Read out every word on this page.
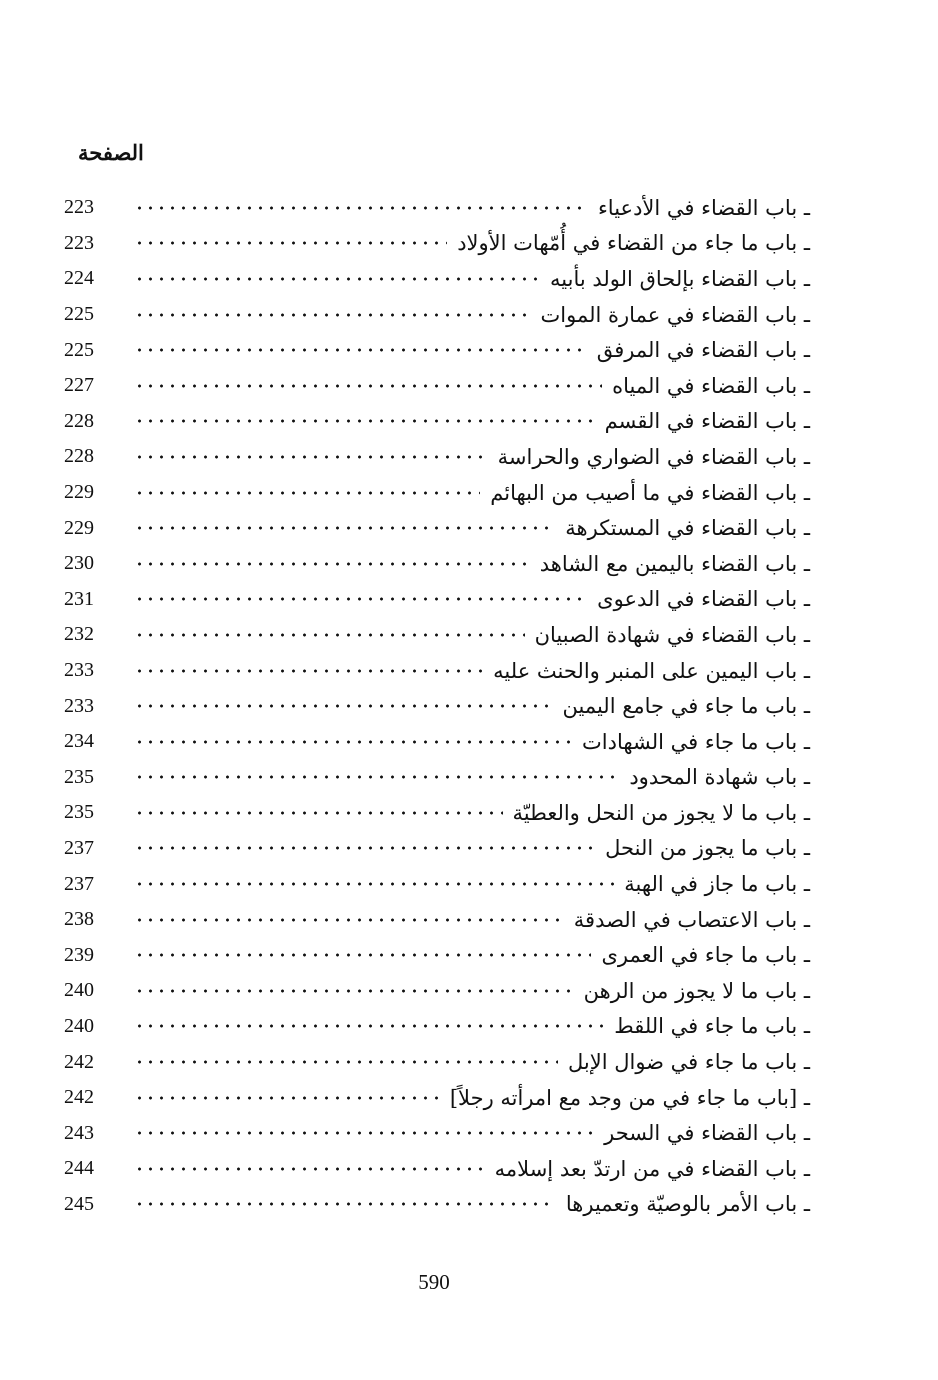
الصفحة
223	ـ باب القضاء في الأدعياء
223	ـ باب ما جاء من القضاء في أُمّهات الأولاد
224	ـ باب القضاء بإلحاق الولد بأبيه
225	ـ باب القضاء في عمارة الموات
225	ـ باب القضاء في المرفق
227	ـ باب القضاء في المياه
228	ـ باب القضاء في القسم
228	ـ باب القضاء في الضواري والحراسة
229	ـ باب القضاء في ما أصيب من البهائم
229	ـ باب القضاء في المستكرهة
230	ـ باب القضاء باليمين مع الشاهد
231	ـ باب القضاء في الدعوى
232	ـ باب القضاء في شهادة الصبيان
233	ـ باب اليمين على المنبر والحنث عليه
233	ـ باب ما جاء في جامع اليمين
234	ـ باب ما جاء في الشهادات
235	ـ باب شهادة المحدود
235	ـ باب ما لا يجوز من النحل والعطيّة
237	ـ باب ما يجوز من النحل
237	ـ باب ما جاز في الهبة
238	ـ باب الاعتصاب في الصدقة
239	ـ باب ما جاء في العمرى
240	ـ باب ما لا يجوز من الرهن
240	ـ باب ما جاء في اللقط
242	ـ باب ما جاء في ضوال الإبل
242	ـ [باب ما جاء في من وجد مع امرأته رجلاً]
243	ـ باب القضاء في السحر
244	ـ باب القضاء في من ارتدّ بعد إسلامه
245	ـ باب الأمر بالوصيّة وتعميرها
590
